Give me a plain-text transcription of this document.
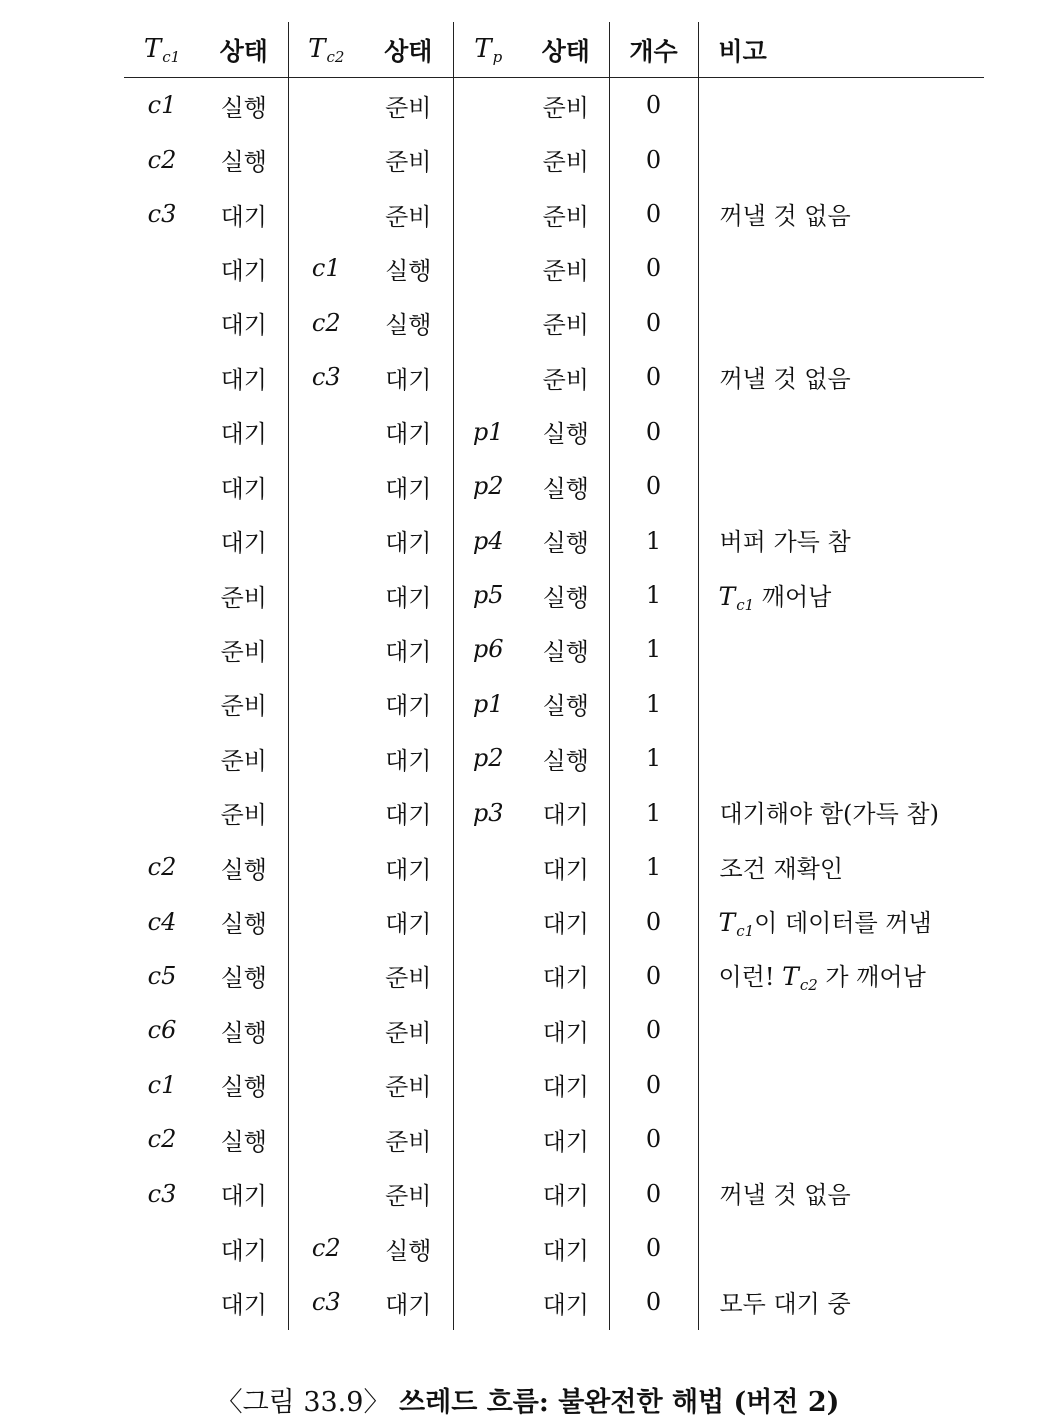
$T_{c1}$	상태	$T_{c2}$	상태	$T_p$	상태	개수	비고
c1	실행		준비		준비	0	
c2	실행		준비		준비	0	
c3	대기		준비		준비	0	꺼낼 것 없음
	대기	c1	실행		준비	0	
	대기	c2	실행		준비	0	
	대기	c3	대기		준비	0	꺼낼 것 없음
	대기		대기	p1	실행	0	
	대기		대기	p2	실행	0	
	대기		대기	p4	실행	1	버퍼 가득 참
	준비		대기	p5	실행	1	$T_{c1}$ 깨어남
	준비		대기	p6	실행	1	
	준비		대기	p1	실행	1	
	준비		대기	p2	실행	1	
	준비		대기	p3	대기	1	대기해야 함(가득 참)
c2	실행		대기		대기	1	조건 재확인
c4	실행		대기		대기	0	$T_{c1}$이 데이터를 꺼냄
c5	실행		준비		대기	0	이런! $T_{c2}$ 가 깨어남
c6	실행		준비		대기	0	
c1	실행		준비		대기	0	
c2	실행		준비		대기	0	
c3	대기		준비		대기	0	꺼낼 것 없음
	대기	c2	실행		대기	0	
	대기	c3	대기		대기	0	모두 대기 중
〈그림 33.9〉 쓰레드 흐름: 불완전한 해법 (버전 2)
